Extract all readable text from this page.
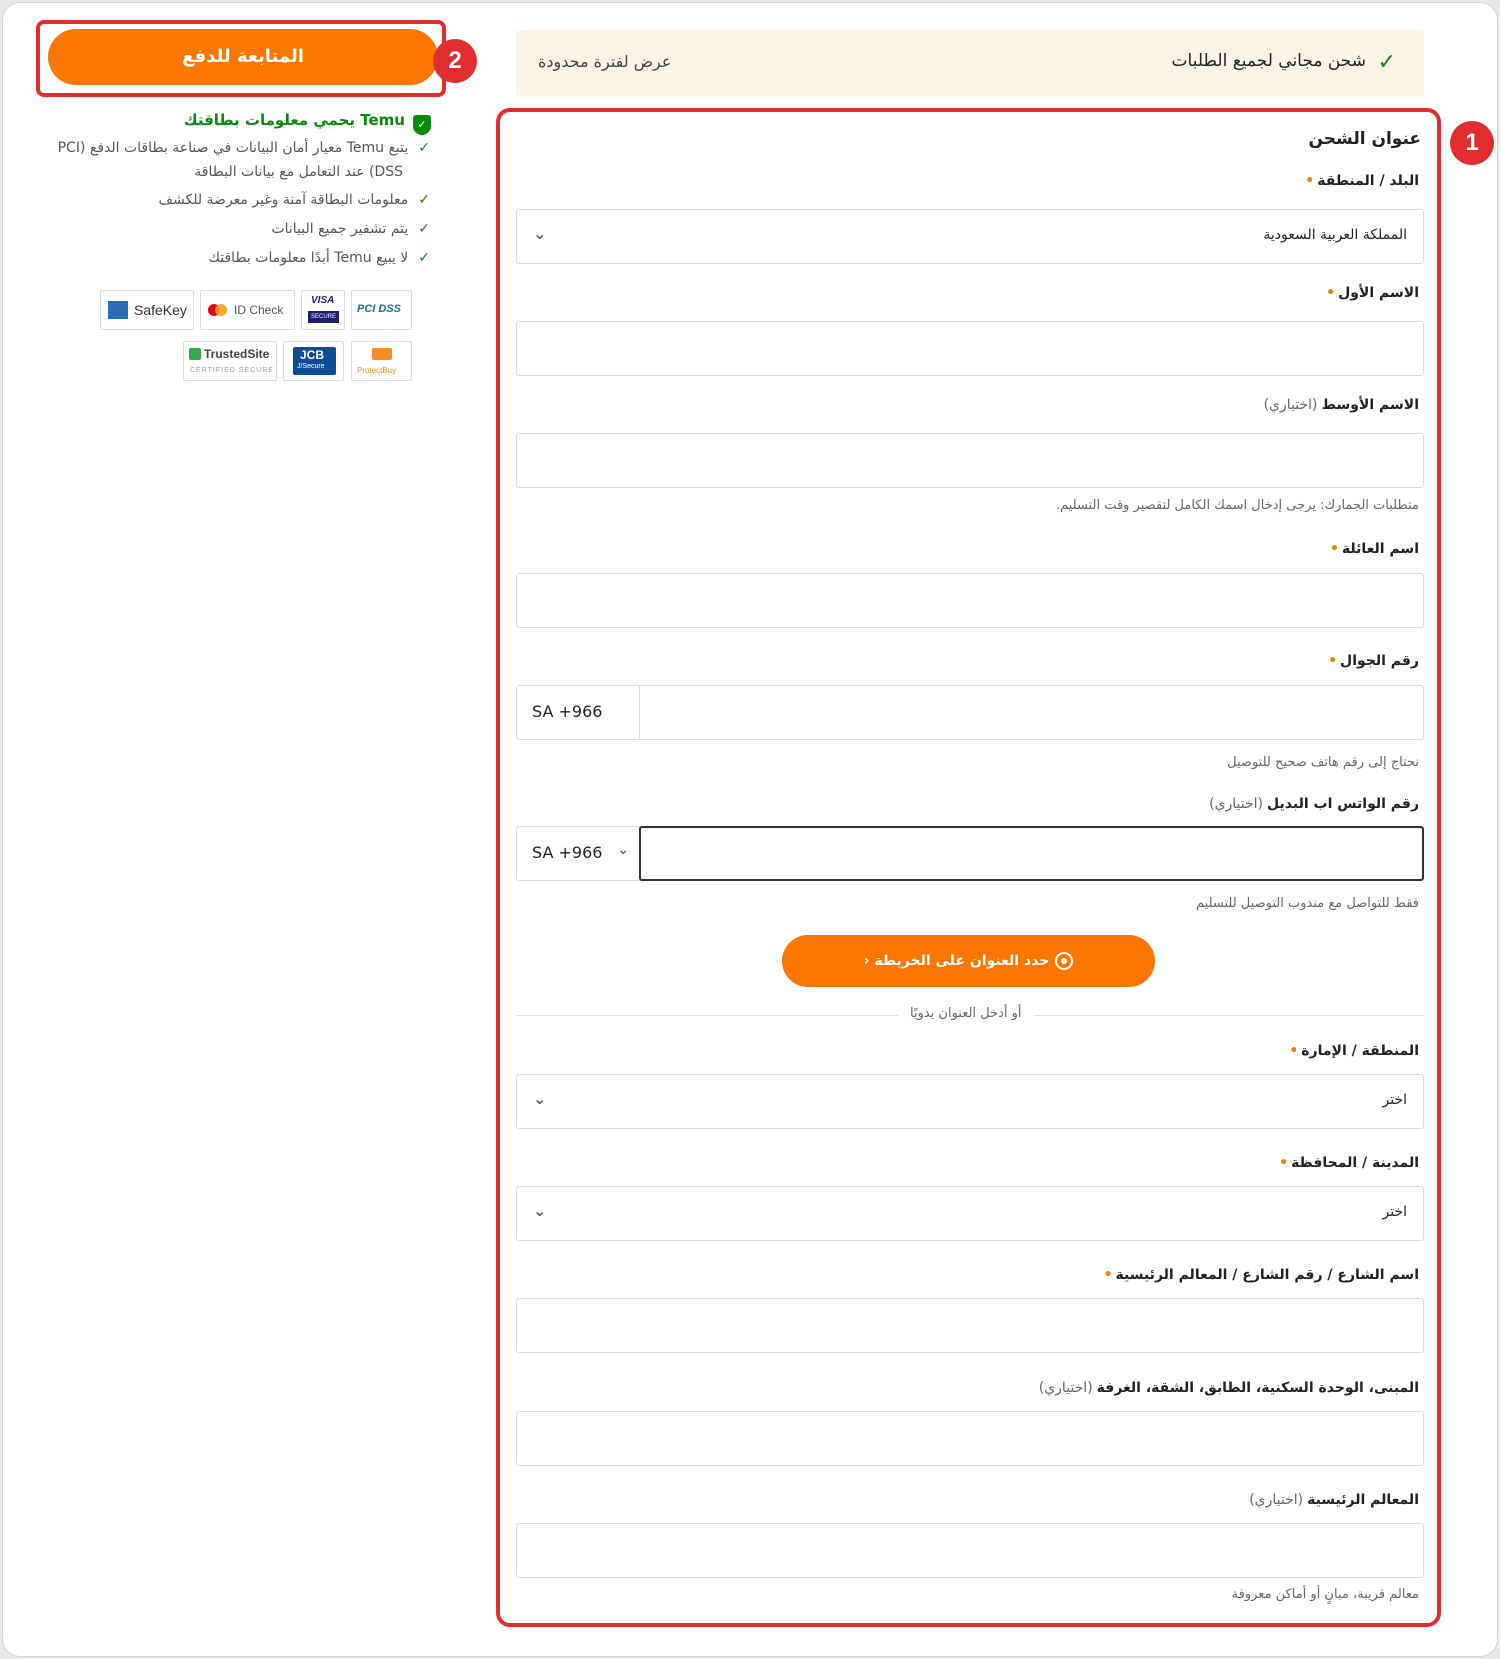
المتابعة للدفع	2
✓Temu يحمي معلومات بطاقتك
✓يتبع Temu معيار أمان البيانات في صناعة بطاقات الدفع (PCI
DSS) عند التعامل مع بيانات البطاقة
✓معلومات البطاقة آمنة وغير معرضة للكشف
✓يتم تشفير جميع البيانات
✓لا يبيع Temu أبدًا معلومات بطاقتك
SafeKey	ID Check
VISA
SECURE
PCI DSS
TrustedSite
CERTIFIED SECURE
JCB
J/Secure	ProtectBuy
✓
شحن مجاني لجميع الطلبات
عرض لفترة محدودة
1
عنوان الشحن
البلد / المنطقة•
المملكة العربية السعودية
⌄
الاسم الأول•
الاسم الأوسط(اختياري)
متطلبات الجمارك: يرجى إدخال اسمك الكامل لتقصير وقت التسليم.
اسم العائلة•
رقم الجوال•
SA +966
نحتاج إلى رقم هاتف صحيح للتوصيل
رقم الواتس اب البديل(اختياري)
SA +966 ⌄
فقط للتواصل مع مندوب التوصيل للتسليم
حدد العنوان على الخريطة ‹
أو أدخل العنوان يدويًا
المنطقة / الإمارة•
اختر
⌄
المدينة / المحافظة•
اختر
⌄
اسم الشارع / رقم الشارع / المعالم الرئيسية•
المبنى، الوحدة السكنية، الطابق، الشقة، الغرفة(اختياري)
المعالم الرئيسية(اختياري)
معالم قريبة، مبانٍ أو أماكن معروفة
